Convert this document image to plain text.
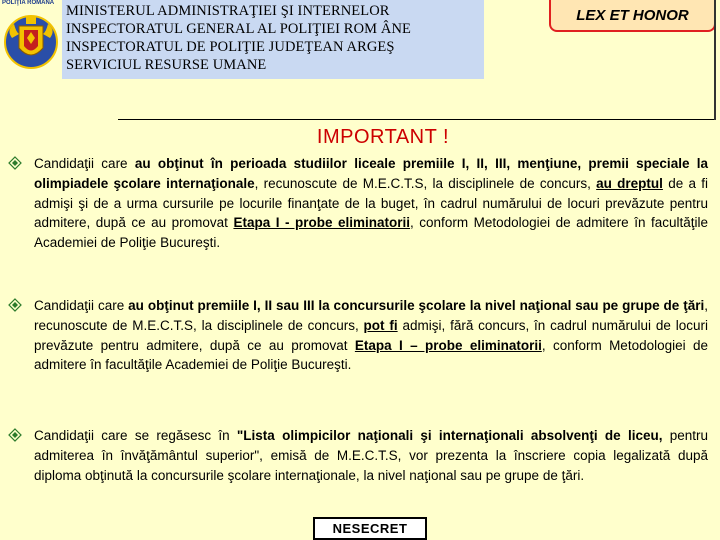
POLIŢIA ROMÂNĂ MINISTERUL ADMINISTRAŢIEI ŞI INTERNELOR
INSPECTORATUL GENERAL AL POLIŢIEI ROM ÂNE
INSPECTORATUL DE POLIŢIE JUDEŢEAN ARGEŞ
SERVICIUL RESURSE UMANE
LEX ET HONOR
IMPORTANT !
Candidaţii care au obţinut în perioada studiilor liceale premiile I, II, III, menţiune, premii speciale la olimpiadele şcolare internaţionale, recunoscute de M.E.C.T.S, la disciplinele de concurs, au dreptul de a fi admişi şi de a urma cursurile pe locurile finanţate de la buget, în cadrul numărului de locuri prevăzute pentru admitere, după ce au promovat Etapa I - probe eliminatorii, conform Metodologiei de admitere în facultăţile Academiei de Poliţie Bucureşti.
Candidaţii care au obţinut premiile I, II sau III la concursurile şcolare la nivel naţional sau pe grupe de ţări, recunoscute de M.E.C.T.S, la disciplinele de concurs, pot fi admişi, fără concurs, în cadrul numărului de locuri prevăzute pentru admitere, după ce au promovat Etapa I – probe eliminatorii, conform Metodologiei de admitere în facultăţile Academiei de Poliţie Bucureşti.
Candidaţii care se regăsesc în "Lista olimpicilor naţionali şi internaţionali absolvenţi de liceu, pentru admiterea în învăţământul superior", emisă de M.E.C.T.S, vor prezenta la înscriere copia legalizată după diploma obţinută la concursurile şcolare internaţionale, la nivel naţional sau pe grupe de ţări.
NESECRET
